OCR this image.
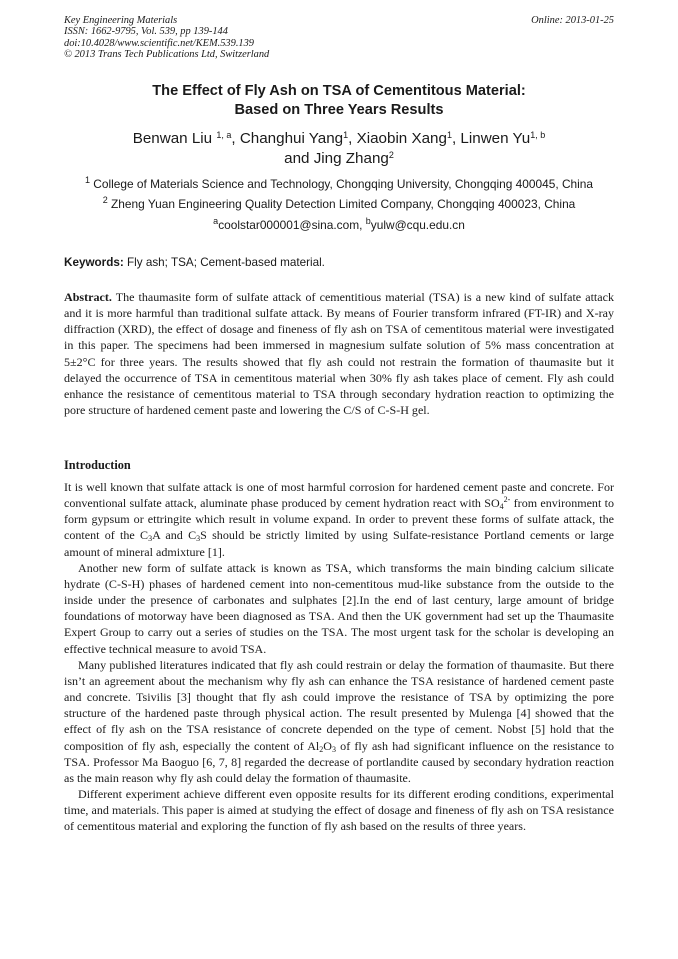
Key Engineering Materials
ISSN: 1662-9795, Vol. 539, pp 139-144
doi:10.4028/www.scientific.net/KEM.539.139
© 2013 Trans Tech Publications Ltd, Switzerland
Online: 2013-01-25
The Effect of Fly Ash on TSA of Cementitous Material:
Based on Three Years Results
Benwan Liu $^{1, a}$, Changhui Yang$^1$, Xiaobin Xang$^1$, Linwen Yu$^{1, b}$
and Jing Zhang$^2$
$^1$ College of Materials Science and Technology, Chongqing University, Chongqing 400045, China
$^2$ Zheng Yuan Engineering Quality Detection Limited Company, Chongqing 400023, China
$^a$coolstar000001@sina.com, $^b$yulw@cqu.edu.cn
Keywords: Fly ash; TSA; Cement-based material.
Abstract. The thaumasite form of sulfate attack of cementitious material (TSA) is a new kind of sulfate attack and it is more harmful than traditional sulfate attack. By means of Fourier transform infrared (FT-IR) and X-ray diffraction (XRD), the effect of dosage and fineness of fly ash on TSA of cementitous material were investigated in this paper. The specimens had been immersed in magnesium sulfate solution of 5% mass concentration at 5±2°C for three years. The results showed that fly ash could not restrain the formation of thaumasite but it delayed the occurrence of TSA in cementitous material when 30% fly ash takes place of cement. Fly ash could enhance the resistance of cementitous material to TSA through secondary hydration reaction to optimizing the pore structure of hardened cement paste and lowering the C/S of C-S-H gel.
Introduction

It is well known that sulfate attack is one of most harmful corrosion for hardened cement paste and concrete. For conventional sulfate attack, aluminate phase produced by cement hydration react with $SO_4^{2-}$ from environment to form gypsum or ettringite which result in volume expand. In order to prevent these forms of sulfate attack, the content of the $C_3A$ and $C_3S$ should be strictly limited by using Sulfate-resistance Portland cements or large amount of mineral admixture [1].

Another new form of sulfate attack is known as TSA, which transforms the main binding calcium silicate hydrate (C-S-H) phases of hardened cement into non-cementitous mud-like substance from the outside to the inside under the presence of carbonates and sulphates [2].In the end of last century, large amount of bridge foundations of motorway have been diagnosed as TSA. And then the UK government had set up the Thaumasite Expert Group to carry out a series of studies on the TSA. The most urgent task for the scholar is developing an effective technical measure to avoid TSA.

Many published literatures indicated that fly ash could restrain or delay the formation of thaumasite. But there isn’t an agreement about the mechanism why fly ash can enhance the TSA resistance of hardened cement paste and concrete. Tsivilis [3] thought that fly ash could improve the resistance of TSA by optimizing the pore structure of the hardened paste through physical action. The result presented by Mulenga [4] showed that the effect of fly ash on the TSA resistance of concrete depended on the type of cement. Nobst [5] hold that the composition of fly ash, especially the content of $Al_2O_3$ of fly ash had significant influence on the resistance to TSA. Professor Ma Baoguo [6, 7, 8] regarded the decrease of portlandite caused by secondary hydration reaction as the main reason why fly ash could delay the formation of thaumasite.

Different experiment achieve different even opposite results for its different eroding conditions, experimental time, and materials. This paper is aimed at studying the effect of dosage and fineness of fly ash on TSA resistance of cementitous material and exploring the function of fly ash based on the results of three years.
